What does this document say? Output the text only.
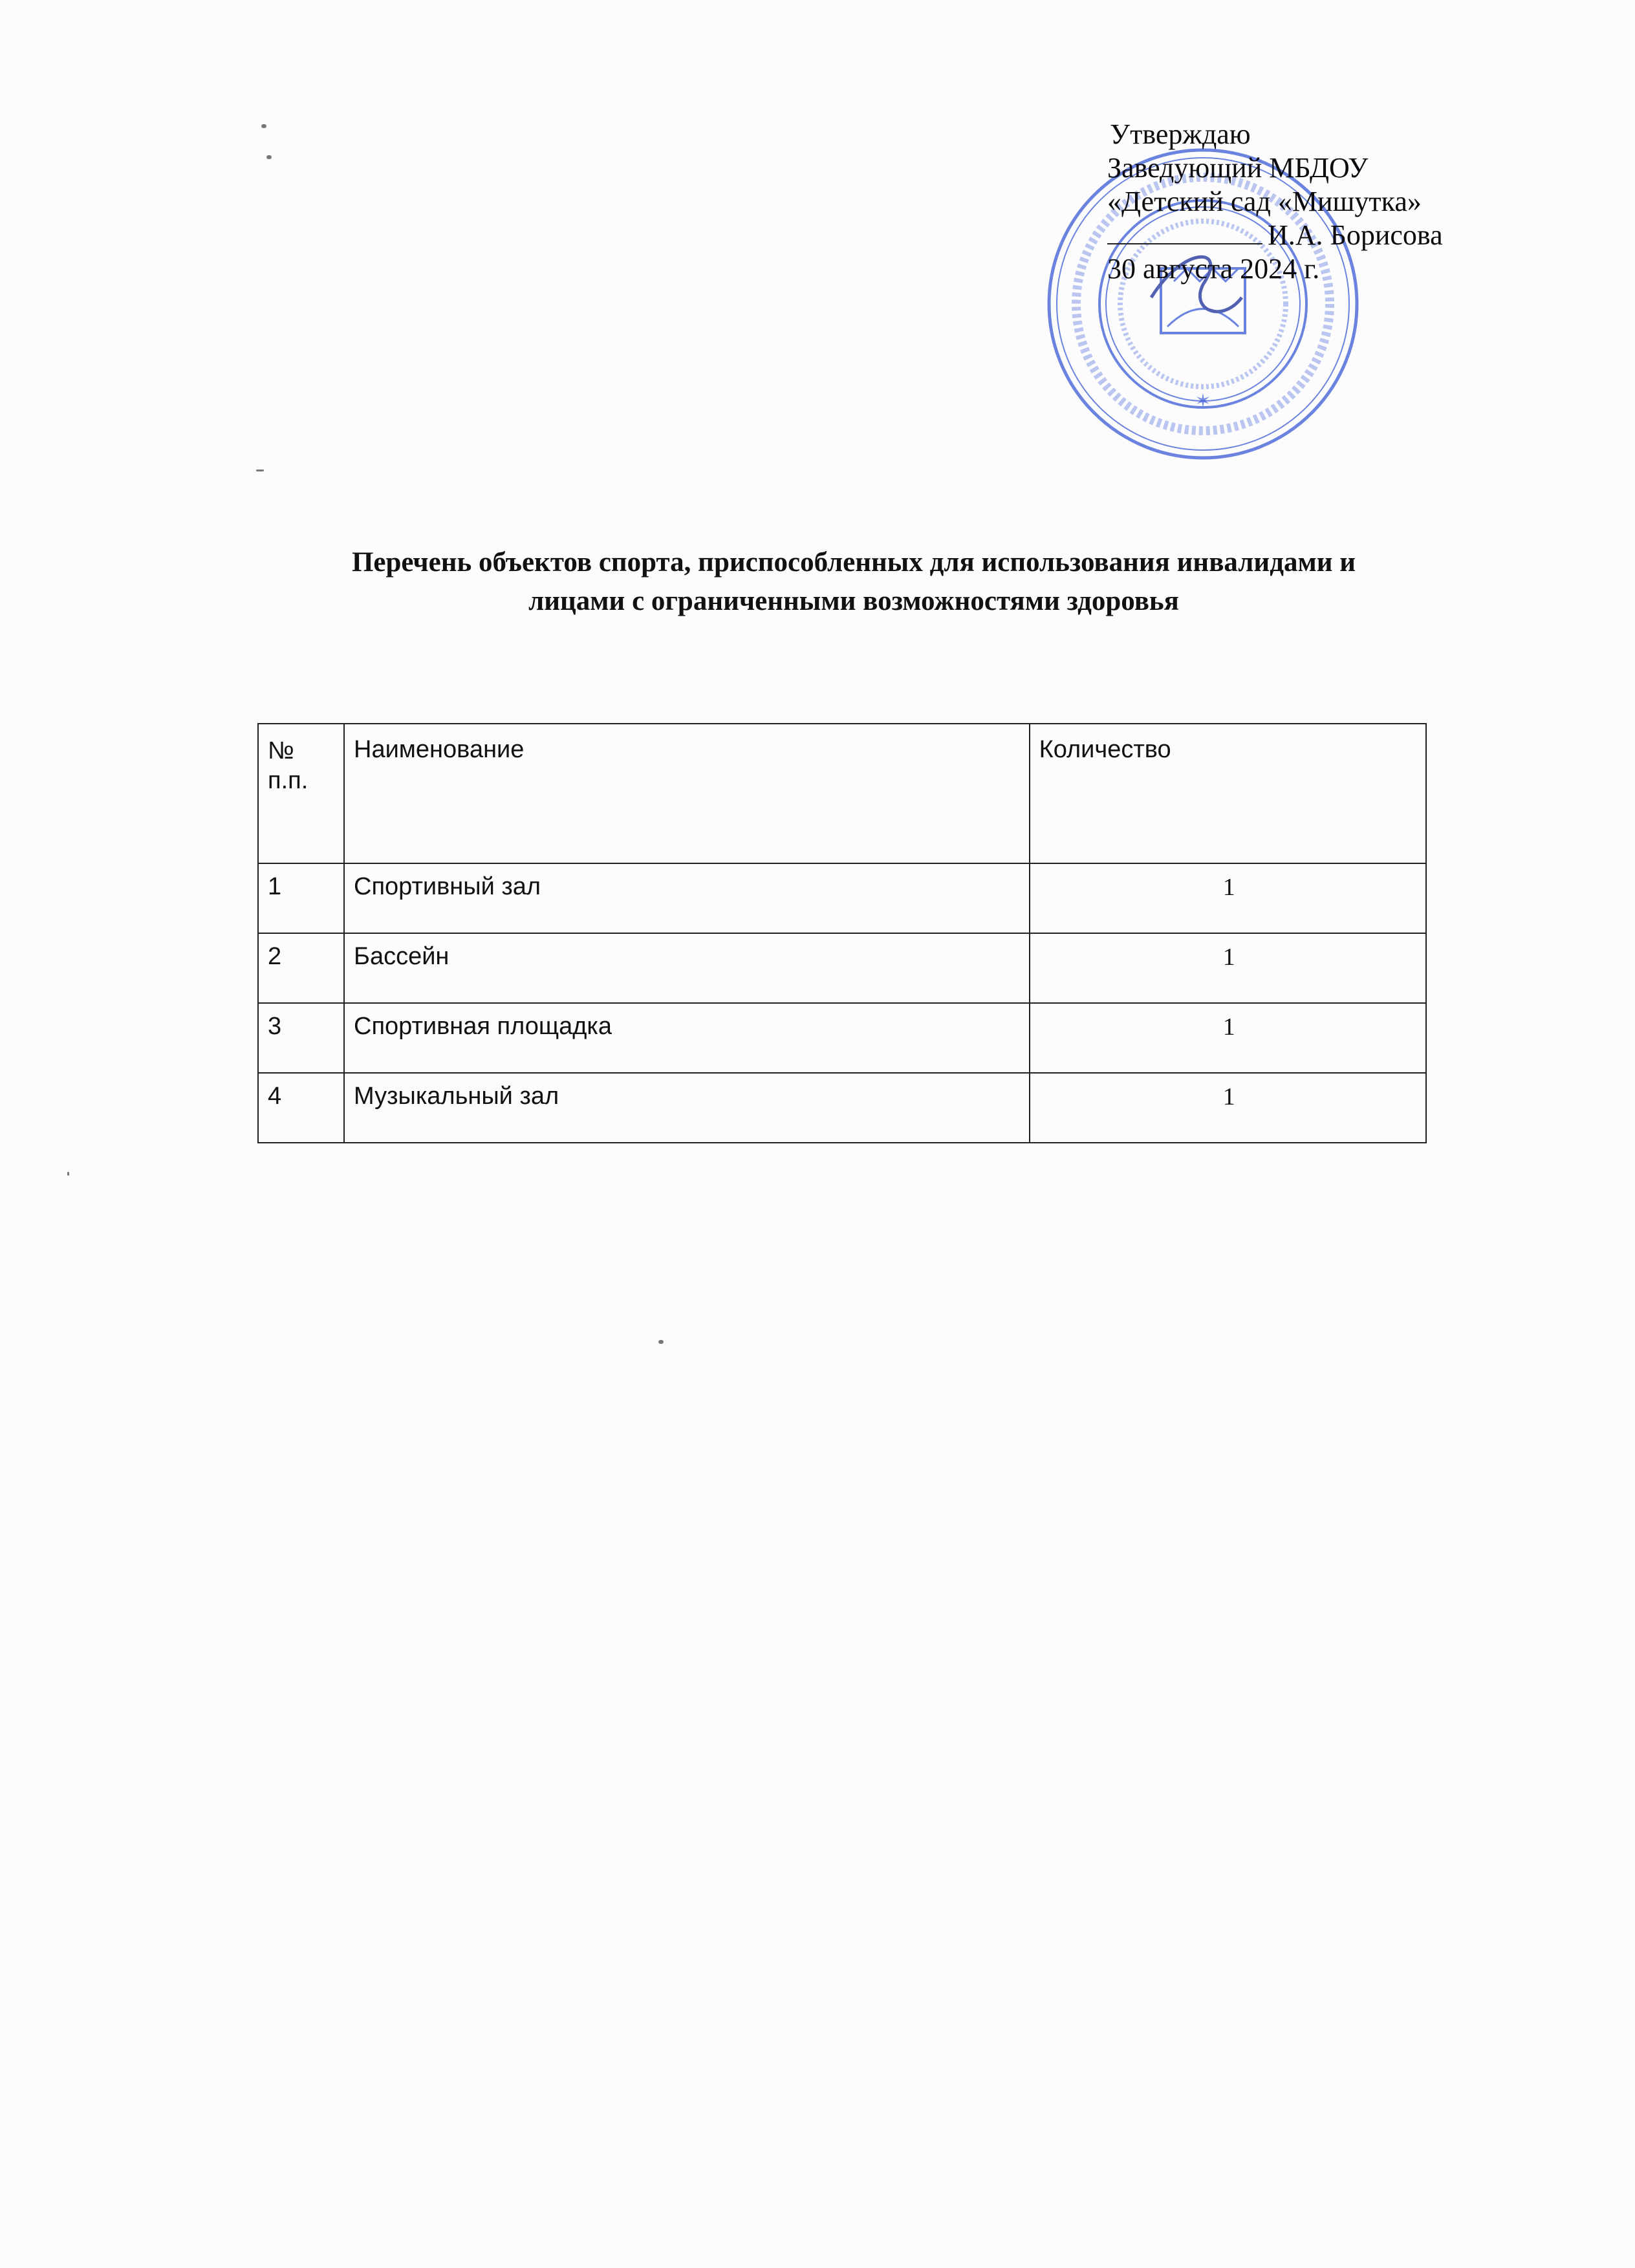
✶
Утверждаю
Заведующий МБДОУ
«Детский сад «Мишутка»
И.А. Борисова
30 августа 2024 г.
Перечень объектов спорта, приспособленных для использования инвалидами и
лицами с ограниченными возможностями здоровья
№ п.п.	Наименование	Количество
1	Спортивный зал	1
2	Бассейн	1
3	Спортивная площадка	1
4	Музыкальный зал	1
